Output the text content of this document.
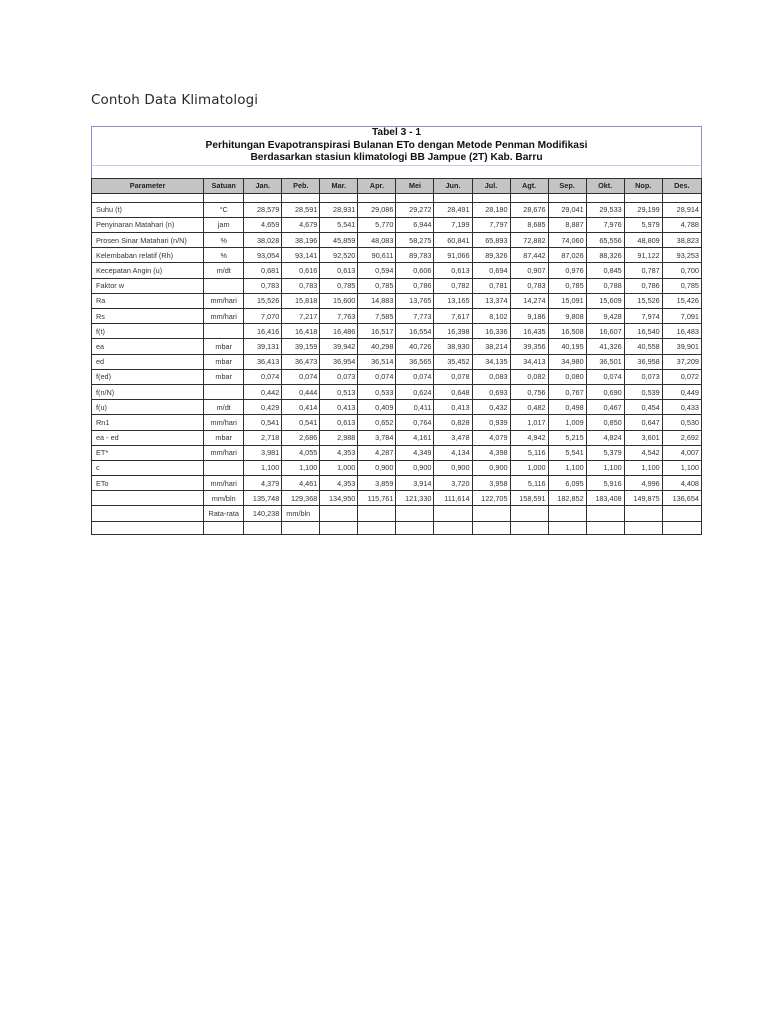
Contoh Data Klimatologi
Tabel 3 - 1
Perhitungan Evapotranspirasi Bulanan ETo dengan Metode Penman Modifikasi
Berdasarkan stasiun klimatologi BB Jampue (2T) Kab. Barru
Parameter	Satuan	Jan.	Peb.	Mar.	Apr.	Mei	Jun.	Jul.	Agt.	Sep.	Okt.	Nop.	Des.

Suhu (t)	°C	28,579	28,591	28,931	29,086	29,272	28,491	28,180	28,676	29,041	29,533	29,199	28,914
Penyinaran Matahari (n)	jam	4,659	4,679	5,541	5,770	6,944	7,199	7,797	8,685	8,887	7,976	5,979	4,788
Prosen Sinar Matahari (n/N)	%	38,028	38,196	45,859	48,083	58,275	60,841	65,893	72,882	74,060	65,556	48,809	38,823
Kelembaban relatif (Rh)	%	93,054	93,141	92,520	90,611	89,783	91,066	89,326	87,442	87,026	88,326	91,122	93,253
Kecepatan Angin (u)	m/dt	0,681	0,616	0,613	0,594	0,606	0,613	0,694	0,907	0,976	0,845	0,787	0,700
Faktor w		0,783	0,783	0,785	0,785	0,786	0,782	0,781	0,783	0,785	0,788	0,786	0,785
Ra	mm/hari	15,526	15,818	15,600	14,883	13,765	13,165	13,374	14,274	15,091	15,609	15,526	15,426
Rs	mm/hari	7,070	7,217	7,763	7,585	7,773	7,617	8,102	9,186	9,808	9,428	7,974	7,091
f(t)		16,416	16,418	16,486	16,517	16,554	16,398	16,336	16,435	16,508	16,607	16,540	16,483
ea	mbar	39,131	39,159	39,942	40,298	40,726	38,930	38,214	39,356	40,195	41,326	40,558	39,901
ed	mbar	36,413	36,473	36,954	36,514	36,565	35,452	34,135	34,413	34,980	36,501	36,958	37,209
f(ed)	mbar	0,074	0,074	0,073	0,074	0,074	0,078	0,083	0,082	0,080	0,074	0,073	0,072
f(n/N)		0,442	0,444	0,513	0,533	0,624	0,648	0,693	0,756	0,767	0,690	0,539	0,449
f(u)	m/dt	0,429	0,414	0,413	0,409	0,411	0,413	0,432	0,482	0,498	0,467	0,454	0,433
Rn1	mm/hari	0,541	0,541	0,613	0,652	0,764	0,828	0,939	1,017	1,009	0,850	0,647	0,530
ea - ed	mbar	2,718	2,686	2,988	3,784	4,161	3,478	4,079	4,942	5,215	4,824	3,601	2,692
ET*	mm/hari	3,981	4,055	4,353	4,287	4,349	4,134	4,398	5,116	5,541	5,379	4,542	4,007
c		1,100	1,100	1,000	0,900	0,900	0,900	0,900	1,000	1,100	1,100	1,100	1,100
ETo	mm/hari	4,379	4,461	4,353	3,859	3,914	3,720	3,958	5,116	6,095	5,916	4,996	4,408
	mm/bln	135,748	129,368	134,950	115,761	121,330	111,614	122,705	158,591	182,852	183,408	149,875	136,654
	Rata-rata	140,238	mm/bln										
